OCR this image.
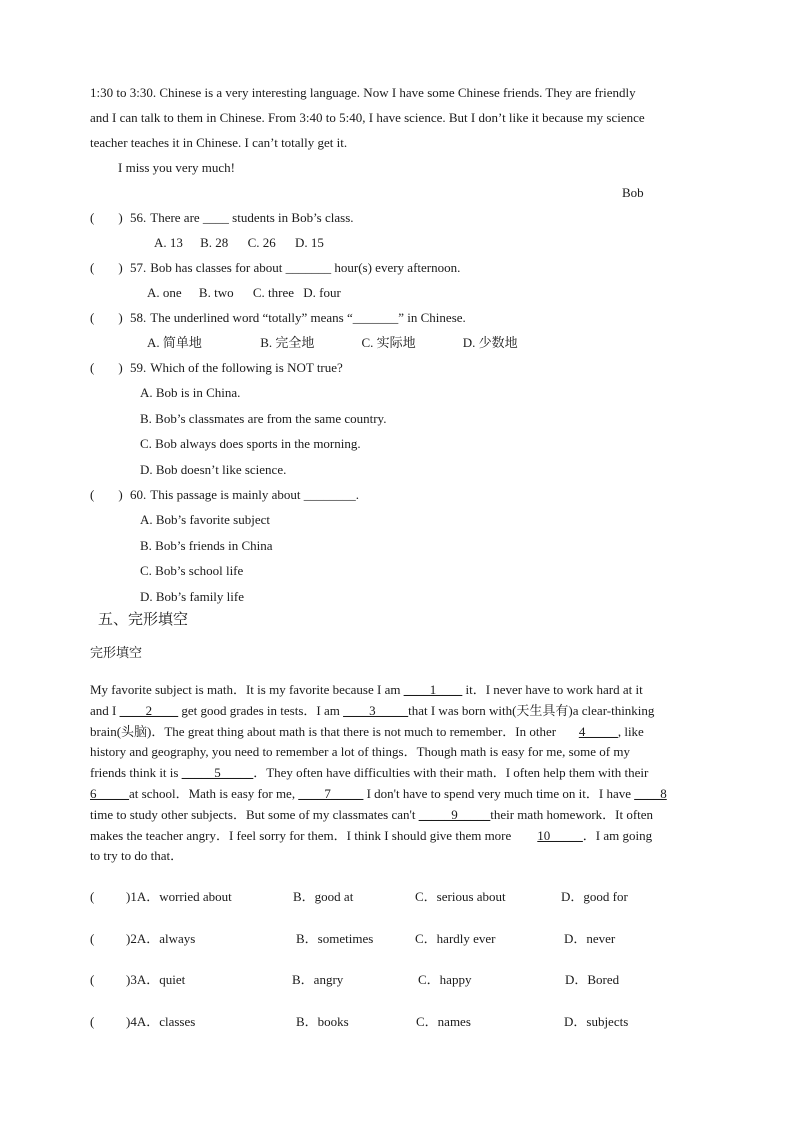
1:30 to 3:30. Chinese is a very interesting language. Now I have some Chinese friends. They are friendly
and I can talk to them in Chinese. From 3:40 to 5:40, I have science. But I don’t like it because my science
teacher teaches it in Chinese. I can’t totally get it.
I miss you very much!
Bob
( ) 56. There are ____ students in Bob’s class.
A. 13 B. 28 C. 26 D. 15
( ) 57. Bob has classes for about _______ hour(s) every afternoon.
A. one B. two C. three D. four
( ) 58. The underlined word “totally” means “_______” in Chinese.
A. 简单地	B. 完全地	C. 实际地	D. 少数地
( ) 59. Which of the following is NOT true?
A. Bob is in China.
B. Bob’s classmates are from the same country.
C. Bob always does sports in the morning.
D. Bob doesn’t like science.
( ) 60. This passage is mainly about ________.
A. Bob’s favorite subject
B. Bob’s friends in China
C. Bob’s school life
D. Bob’s family life
五、完形填空
完形填空
My favorite subject is math．It is my favorite because I am ____1____ it．I never have to work hard at it
and I ____2____ get good grades in tests．I am ____3_____that I was born with(天生具有)a clear-thinking
brain(头脑)．The great thing about math is that there is not much to remember．In other       4_____, like
history and geography, you need to remember a lot of things．Though math is easy for me, some of my
friends think it is _____5_____．They often have difficulties with their math．I often help them with their
6_____at school．Math is easy for me, ____7_____ I don't have to spend very much time on it．I have ____8
time to study other subjects．But some of my classmates can't _____9_____their math homework．It often
makes the teacher angry．I feel sorry for them．I think I should give them more        10_____．I am going
to try to do that．
(	)1A．worried about	B．good at	C．serious about	D．good for
(	)2A．always	B．sometimes	C．hardly ever	D．never
(	)3A．quiet	B．angry	C．happy	D．Bored
(	)4A．classes	B．books	C．names	D．subjects
